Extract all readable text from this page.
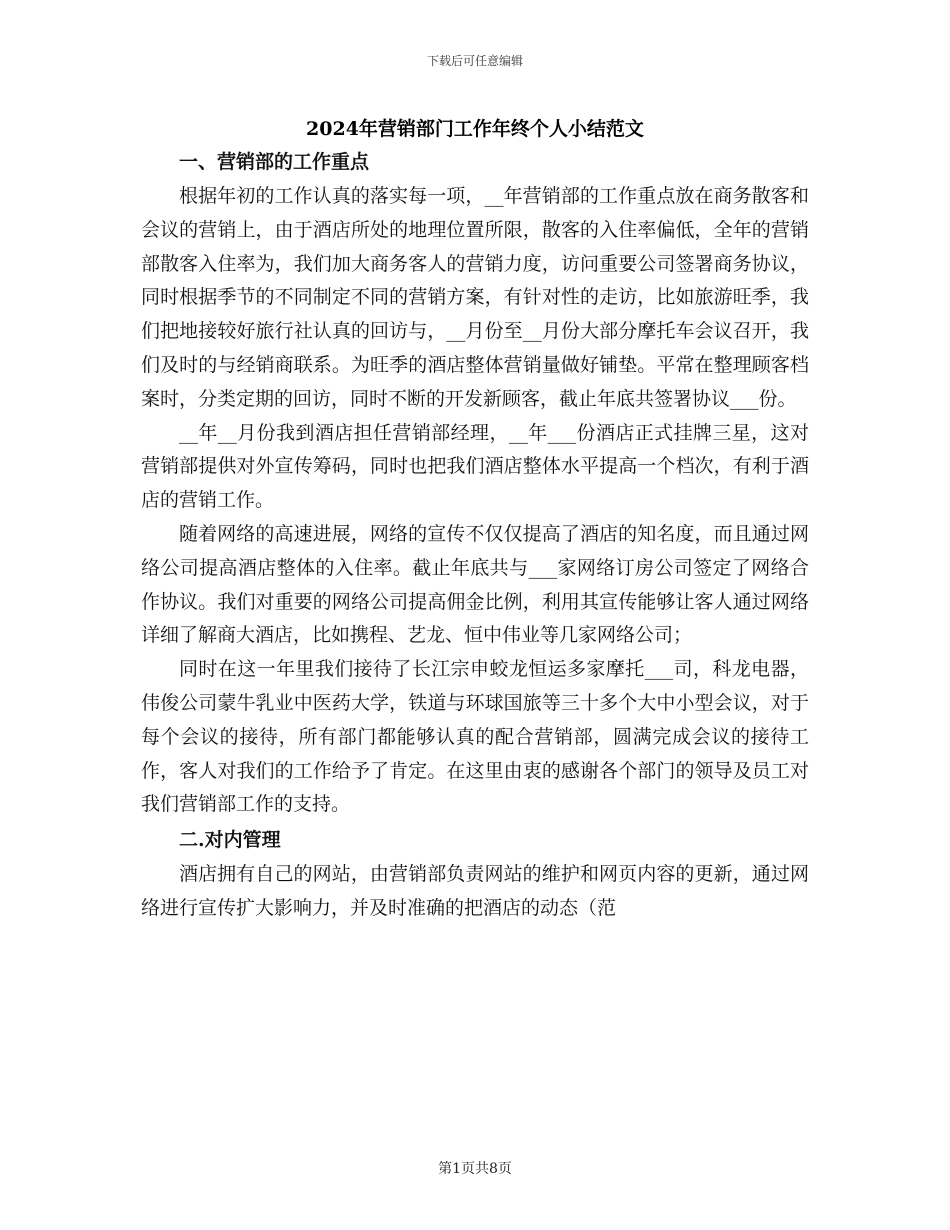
下载后可任意编辑
2024年营销部门工作年终个人小结范文
一、营销部的工作重点

根据年初的工作认真的落实每一项，__年营销部的工作重点放在商务散客和会议的营销上，由于酒店所处的地理位置所限，散客的入住率偏低，全年的营销部散客入住率为，我们加大商务客人的营销力度，访问重要公司签署商务协议，同时根据季节的不同制定不同的营销方案，有针对性的走访，比如旅游旺季，我们把地接较好旅行社认真的回访与，__月份至__月份大部分摩托车会议召开，我们及时的与经销商联系。为旺季的酒店整体营销量做好铺垫。平常在整理顾客档案时，分类定期的回访，同时不断的开发新顾客，截止年底共签署协议___份。

__年__月份我到酒店担任营销部经理，__年___份酒店正式挂牌三星，这对营销部提供对外宣传筹码，同时也把我们酒店整体水平提高一个档次，有利于酒店的营销工作。

随着网络的高速进展，网络的宣传不仅仅提高了酒店的知名度，而且通过网络公司提高酒店整体的入住率。截止年底共与___家网络订房公司签定了网络合作协议。我们对重要的网络公司提高佣金比例，利用其宣传能够让客人通过网络详细了解商大酒店，比如携程、艺龙、恒中伟业等几家网络公司；

同时在这一年里我们接待了长江宗申蛟龙恒运多家摩托___司，科龙电器，伟俊公司蒙牛乳业中医药大学，铁道与环球国旅等三十多个大中小型会议，对于每个会议的接待，所有部门都能够认真的配合营销部，圆满完成会议的接待工作，客人对我们的工作给予了肯定。在这里由衷的感谢各个部门的领导及员工对我们营销部工作的支持。

二.对内管理

酒店拥有自己的网站，由营销部负责网站的维护和网页内容的更新，通过网络进行宣传扩大影响力，并及时准确的把酒店的动态（范

第1页共8页
